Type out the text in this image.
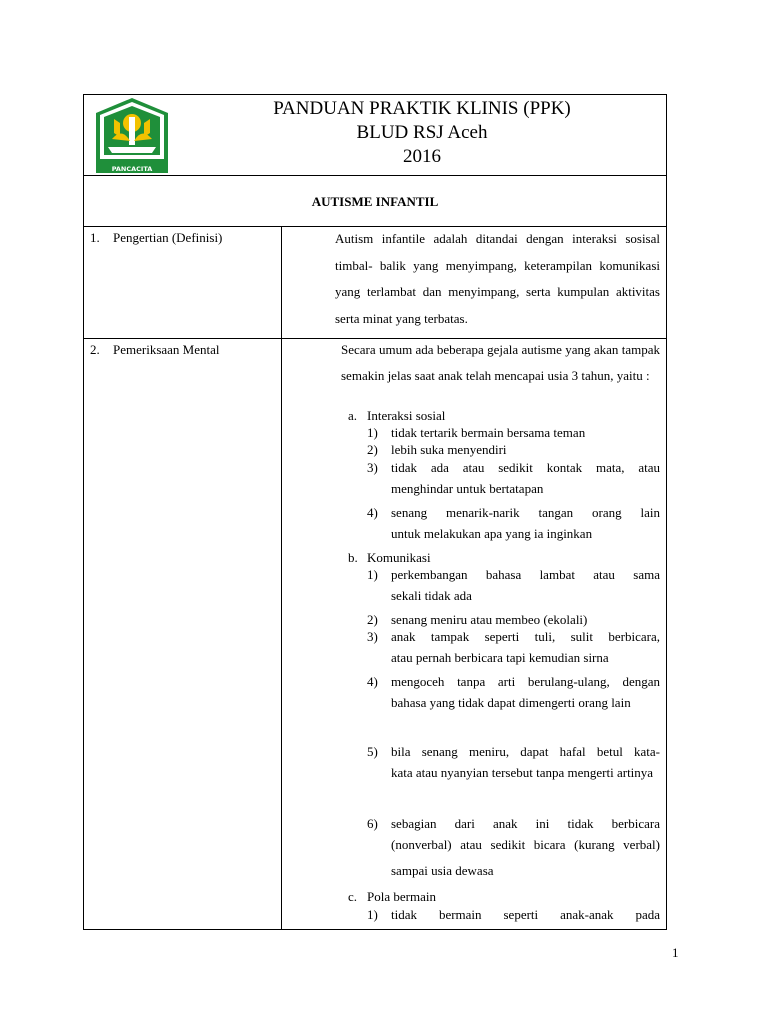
PANCACITA
PANDUAN PRAKTIK KLINIS (PPK)
BLUD RSJ Aceh
2016
AUTISME INFANTIL
1. Pengertian (Definisi)	Autism infantile adalah ditandai dengan interaksi sosisal timbal- balik yang menyimpang, keterampilan komunikasi yang terlambat dan menyimpang, serta kumpulan aktivitas serta minat yang terbatas.
2. Pemeriksaan Mental	Secara umum ada beberapa gejala autisme yang akan tampak semakin jelas saat anak telah mencapai usia 3 tahun, yaitu :
a. Interaksi sosial
1) tidak tertarik bermain bersama teman
2) lebih suka menyendiri
3) tidak ada atau sedikit kontak mata, atau
menghindar untuk bertatapan
4) senang menarik-narik tangan orang lain
untuk melakukan apa yang ia inginkan
b. Komunikasi
1) perkembangan bahasa lambat atau sama
sekali tidak ada
2) senang meniru atau membeo (ekolali)
3) anak tampak seperti tuli, sulit berbicara,
atau pernah berbicara tapi kemudian sirna
4) mengoceh tanpa arti berulang-ulang, dengan
bahasa yang tidak dapat dimengerti orang lain
5) bila senang meniru, dapat hafal betul kata-
kata atau nyanyian tersebut tanpa mengerti artinya
6) sebagian dari anak ini tidak berbicara
(nonverbal) atau sedikit bicara (kurang verbal) sampai usia dewasa
c. Pola bermain
1) tidak bermain seperti anak-anak pada
1
